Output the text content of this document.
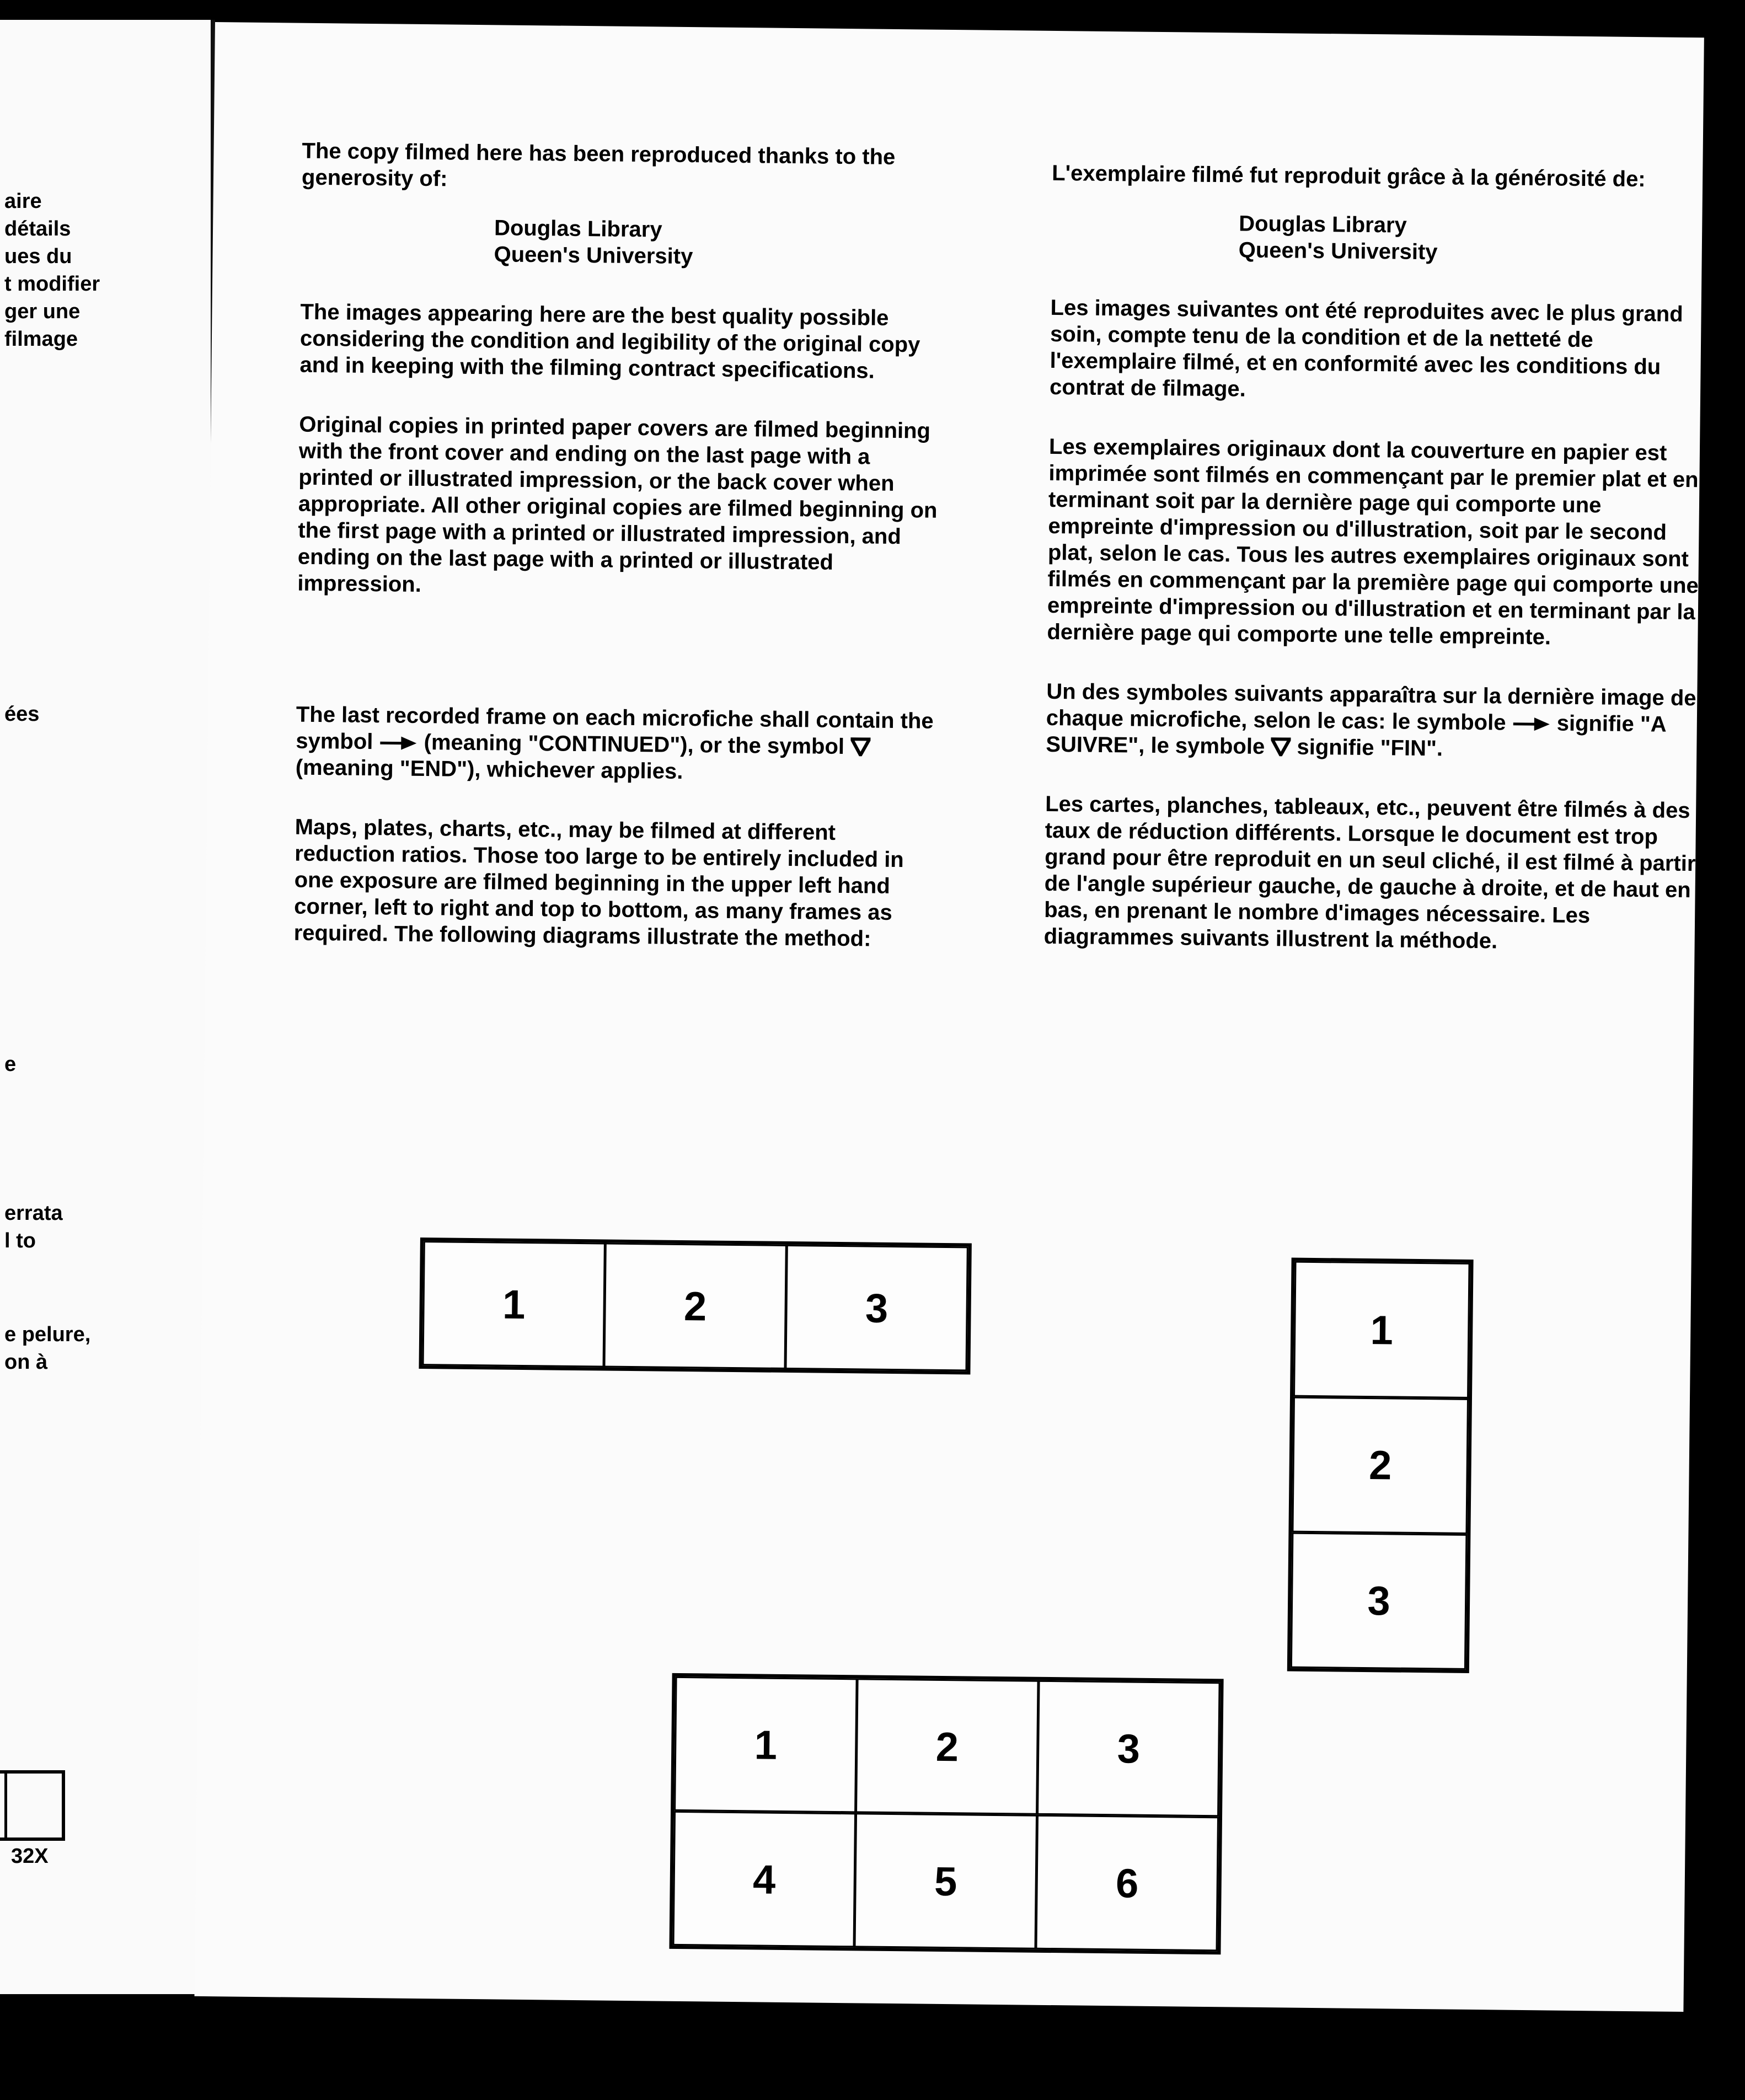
aire
détails
ues du
t modifier
ger une
filmage
ées
e
errata
l to
e pelure,
on à
32X

The copy filmed here has been reproduced thanks to the generosity of:

Douglas Library
Queen's University

The images appearing here are the best quality possible considering the condition and legibility of the original copy and in keeping with the filming contract specifications.

Original copies in printed paper covers are filmed beginning with the front cover and ending on the last page with a printed or illustrated impression, or the back cover when appropriate. All other original copies are filmed beginning on the first page with a printed or illustrated impression, and ending on the last page with a printed or illustrated impression.

The last recorded frame on each microfiche shall contain the symbol (meaning "CONTINUED"), or the symbol  (meaning "END"), whichever applies.

Maps, plates, charts, etc., may be filmed at different reduction ratios. Those too large to be entirely included in one exposure are filmed beginning in the upper left hand corner, left to right and top to bottom, as many frames as required. The following diagrams illustrate the method:

L'exemplaire filmé fut reproduit grâce à la générosité de:

Douglas Library
Queen's University

Les images suivantes ont été reproduites avec le plus grand soin, compte tenu de la condition et de la netteté de l'exemplaire filmé, et en conformité avec les conditions du contrat de filmage.

Les exemplaires originaux dont la couverture en papier est imprimée sont filmés en commençant par le premier plat et en terminant soit par la dernière page qui comporte une empreinte d'impression ou d'illustration, soit par le second plat, selon le cas. Tous les autres exemplaires originaux sont filmés en commençant par la première page qui comporte une empreinte d'impression ou d'illustration et en terminant par la dernière page qui comporte une telle empreinte.

Un des symboles suivants apparaîtra sur la dernière image de chaque microfiche, selon le cas: le symbole signifie "A SUIVRE", le symbole signifie "FIN".

Les cartes, planches, tableaux, etc., peuvent être filmés à des taux de réduction différents. Lorsque le document est trop grand pour être reproduit en un seul cliché, il est filmé à partir de l'angle supérieur gauche, de gauche à droite, et de haut en bas, en prenant le nombre d'images nécessaire. Les diagrammes suivants illustrent la méthode.

1	2	3	1
2
3
1	2	3
4	5	6
